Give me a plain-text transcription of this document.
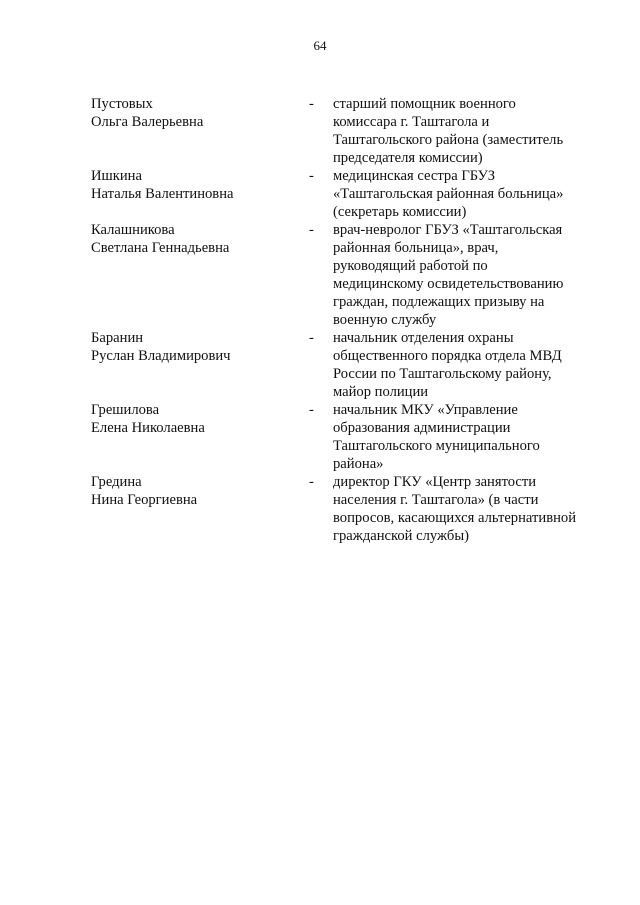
64
Пустовых
Ольга Валерьевна
-	старший помощник военного
комиссара г. Таштагола и
Таштагольского района (заместитель
председателя комиссии)
Ишкина
Наталья Валентиновна
-	медицинская сестра ГБУЗ
«Таштагольская районная больница»
(секретарь комиссии)
Калашникова
Светлана Геннадьевна
-	врач-невролог ГБУЗ «Таштагольская
районная больница», врач,
руководящий работой по
медицинскому освидетельствованию
граждан, подлежащих призыву на
военную службу
Баранин
Руслан Владимирович
-	начальник отделения охраны
общественного порядка отдела МВД
России по Таштагольскому району,
майор полиции
Грешилова
Елена Николаевна
-	начальник МКУ «Управление
образования администрации
Таштагольского муниципального
района»
Гредина
Нина Георгиевна
-	директор ГКУ «Центр занятости
населения г. Таштагола» (в части
вопросов, касающихся альтернативной
гражданской службы)
